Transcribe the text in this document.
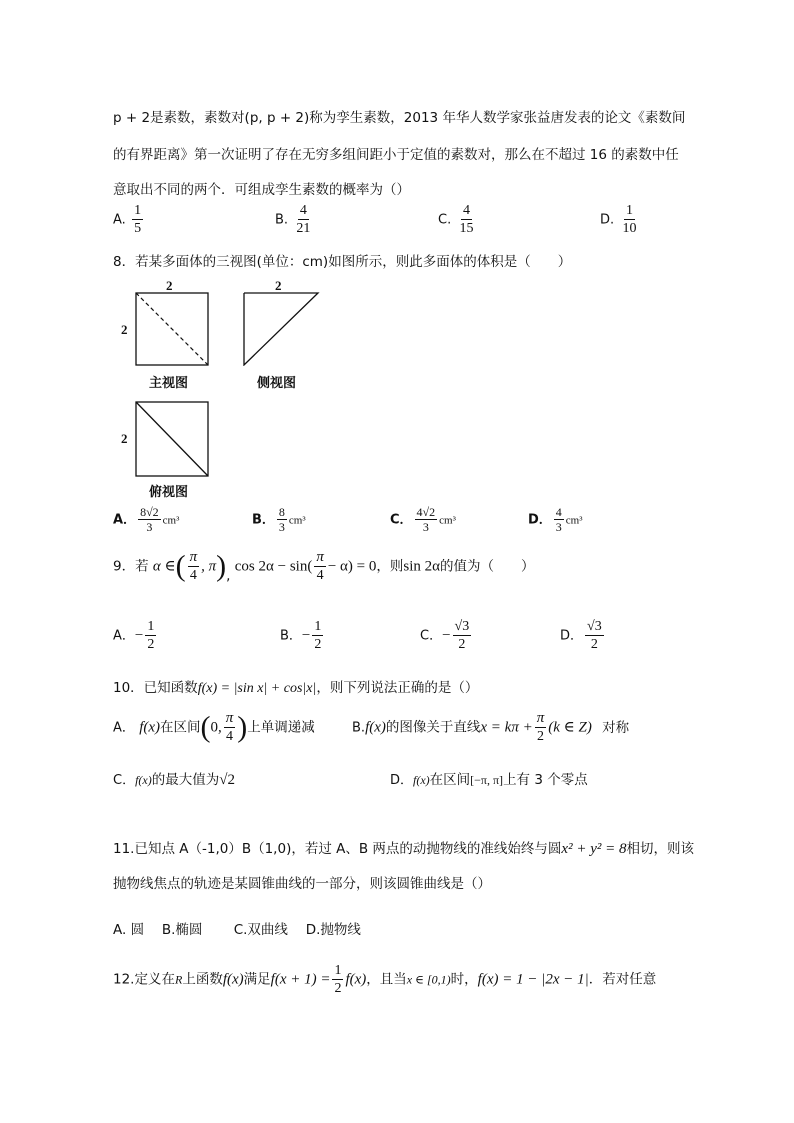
p + 2是素数，素数对(p, p + 2)称为孪生素数，2013 年华人数学家张益唐发表的论文《素数间
的有界距离》第一次证明了存在无穷多组间距小于定值的素数对，那么在不超过 16 的素数中任
意取出不同的两个．可组成孪生素数的概率为（）
A. $\frac{1}{5}$	B. $\frac{4}{21}$	C. $\frac{4}{15}$	D. $\frac{1}{10}$
8．若某多面体的三视图(单位：cm)如图所示，则此多面体的体积是（　　）
2
2
主视图
2
侧视图
2
俯视图
A． $\frac{8√2}{3} cm^3$	B． $\frac{8}{3} cm^3$	C． $\frac{4√2}{3} cm^3$	D． $\frac{4}{3} cm^3$
9．若 α ∈( $\frac{\pi}{4}$ , π), $\cos 2\alpha - \sin( \frac{\pi}{4} - \alpha) = 0$，则sin 2α的值为（　　）
A．− $\frac{1}{2}$	B．− $\frac{1}{2}$	C．− $\frac{√3}{2}$	D． $\frac{√3}{2}$
10．已知函数f(x) = |sin x| + cos|x|，则下列说法正确的是（）
A． f(x)在区间(0, $\frac{\pi}{4}$ )上单调递减	B.f(x)的图像关于直线$x = k\pi + \frac{\pi}{2} (k$ ∈ Z) 对称
C．f(x)的最大值为√2	D．f(x)在区间[−π, π]上有 3 个零点
11.已知点 A（-1,0）B（1,0)，若过 A、B 两点的动抛物线的准线始终与圆x² + y² = 8相切，则该
抛物线焦点的轨迹是某圆锥曲线的一部分，则该圆锥曲线是（）
A. 圆　 B.椭圆　　 C.双曲线　 D.抛物线
12.定义在R上函数f(x)满足$f(x + 1) = \frac{1}{2} f(x)$，且当x ∈ [0,1)时，f(x) = 1 − |2x − 1|．若对任意
